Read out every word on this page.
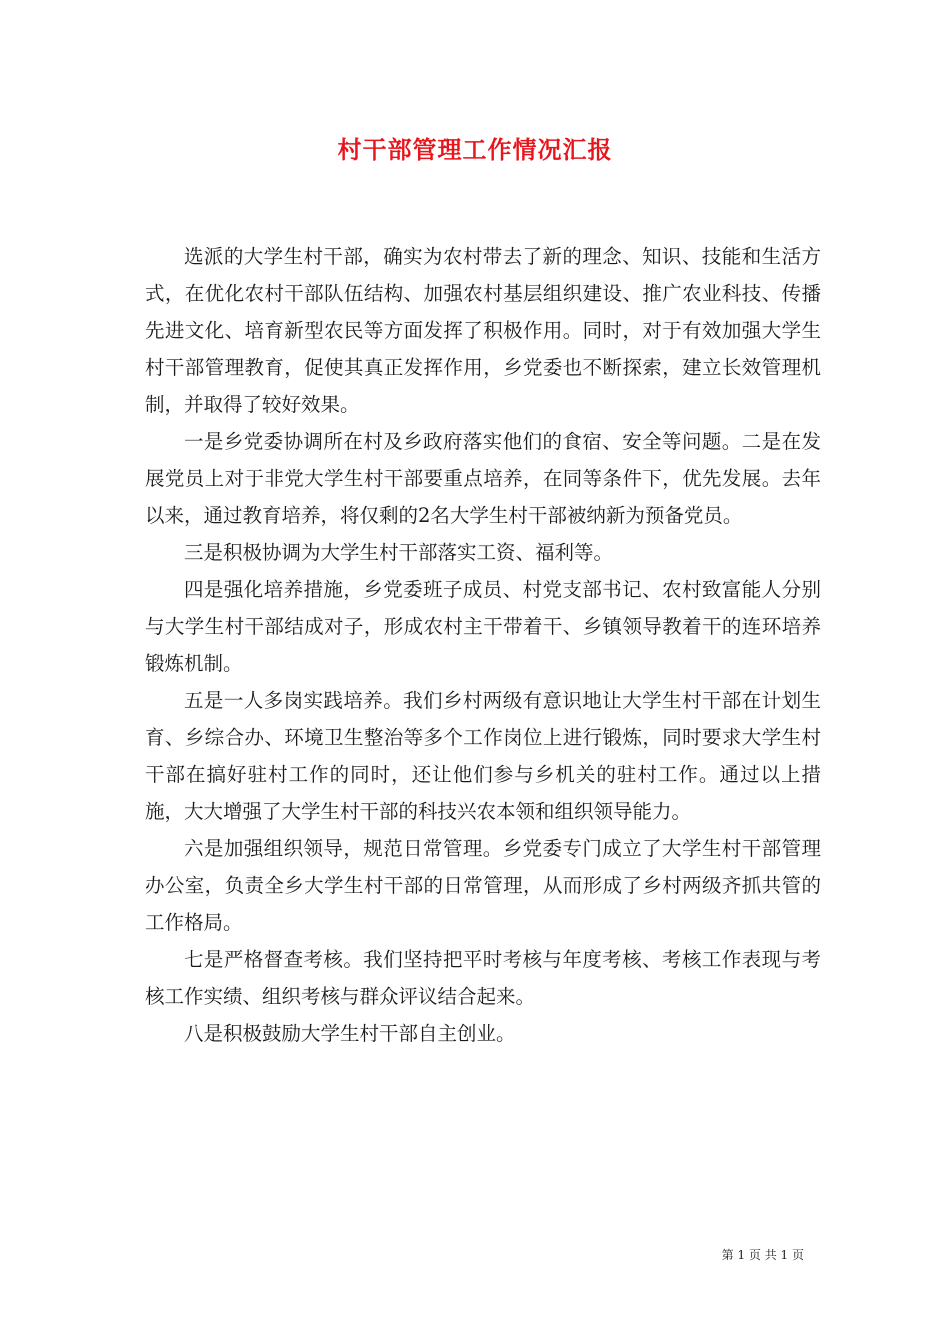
村干部管理工作情况汇报

选派的大学生村干部，确实为农村带去了新的理念、知识、技能和生活方式，在优化农村干部队伍结构、加强农村基层组织建设、推广农业科技、传播先进文化、培育新型农民等方面发挥了积极作用。同时，对于有效加强大学生村干部管理教育，促使其真正发挥作用，乡党委也不断探索，建立长效管理机制，并取得了较好效果。

一是乡党委协调所在村及乡政府落实他们的食宿、安全等问题。二是在发展党员上对于非党大学生村干部要重点培养，在同等条件下，优先发展。去年以来，通过教育培养，将仅剩的2名大学生村干部被纳新为预备党员。

三是积极协调为大学生村干部落实工资、福利等。

四是强化培养措施，乡党委班子成员、村党支部书记、农村致富能人分别与大学生村干部结成对子，形成农村主干带着干、乡镇领导教着干的连环培养锻炼机制。

五是一人多岗实践培养。我们乡村两级有意识地让大学生村干部在计划生育、乡综合办、环境卫生整治等多个工作岗位上进行锻炼，同时要求大学生村干部在搞好驻村工作的同时，还让他们参与乡机关的驻村工作。通过以上措施，大大增强了大学生村干部的科技兴农本领和组织领导能力。

六是加强组织领导，规范日常管理。乡党委专门成立了大学生村干部管理办公室，负责全乡大学生村干部的日常管理，从而形成了乡村两级齐抓共管的工作格局。

七是严格督查考核。我们坚持把平时考核与年度考核、考核工作表现与考核工作实绩、组织考核与群众评议结合起来。

八是积极鼓励大学生村干部自主创业。

第 1 页 共 1 页
